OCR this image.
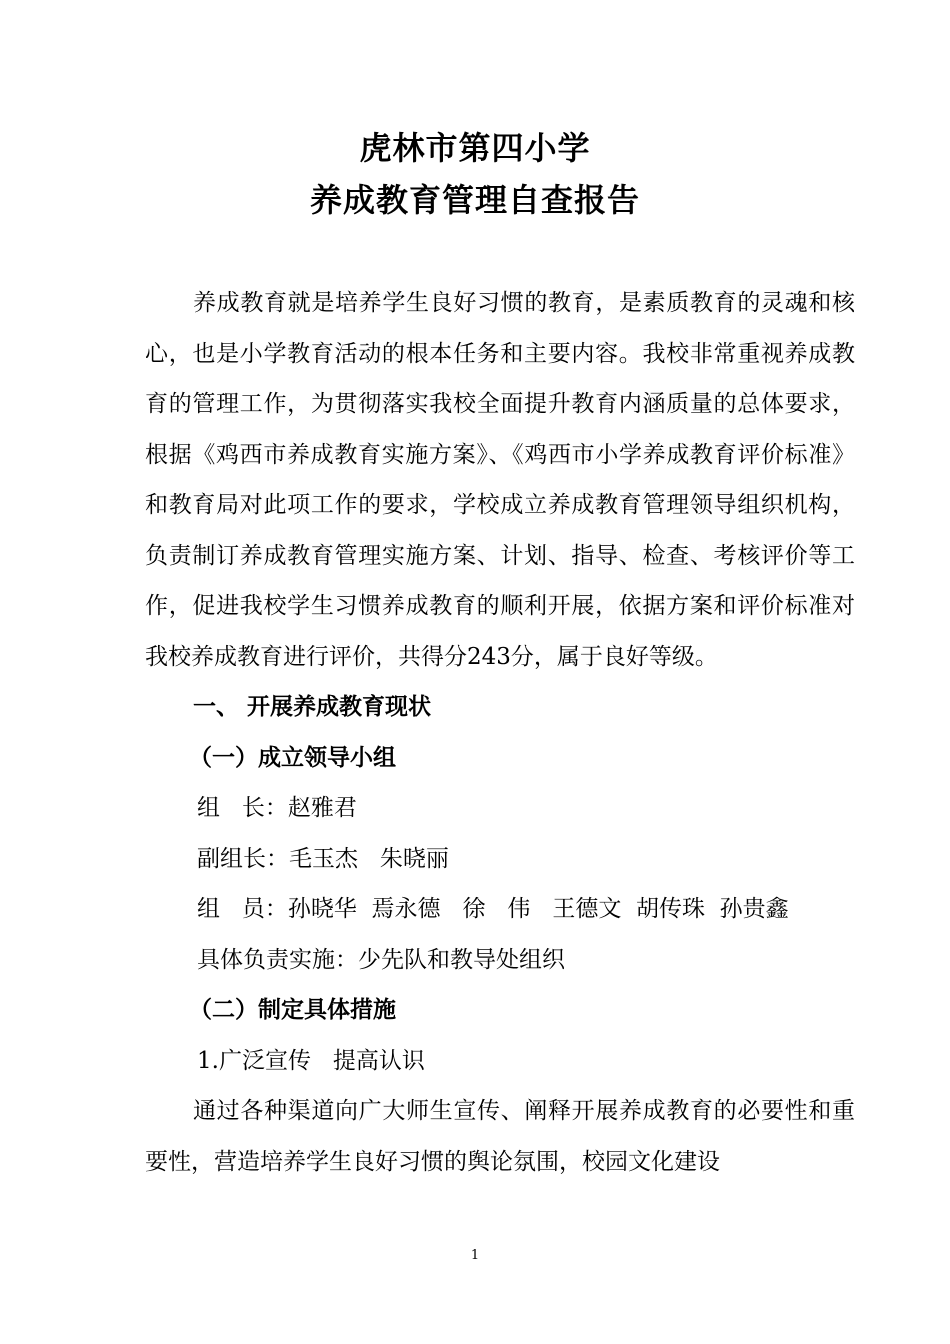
虎林市第四小学
养成教育管理自查报告

养成教育就是培养学生良好习惯的教育，是素质教育的灵魂和核心，也是小学教育活动的根本任务和主要内容。我校非常重视养成教育的管理工作，为贯彻落实我校全面提升教育内涵质量的总体要求，根据《鸡西市养成教育实施方案》、《鸡西市小学养成教育评价标准》和教育局对此项工作的要求，学校成立养成教育管理领导组织机构，负责制订养成教育管理实施方案、计划、指导、检查、考核评价等工作，促进我校学生习惯养成教育的顺利开展，依据方案和评价标准对我校养成教育进行评价，共得分243分，属于良好等级。

一、 开展养成教育现状

（一）成立领导小组

组   长：赵雅君

副组长：毛玉杰   朱晓丽

组   员：孙晓华  焉永德   徐   伟   王德文  胡传珠  孙贵鑫

具体负责实施：少先队和教导处组织

（二）制定具体措施

1.广泛宣传   提高认识

通过各种渠道向广大师生宣传、阐释开展养成教育的必要性和重要性，营造培养学生良好习惯的舆论氛围，校园文化建设

1
